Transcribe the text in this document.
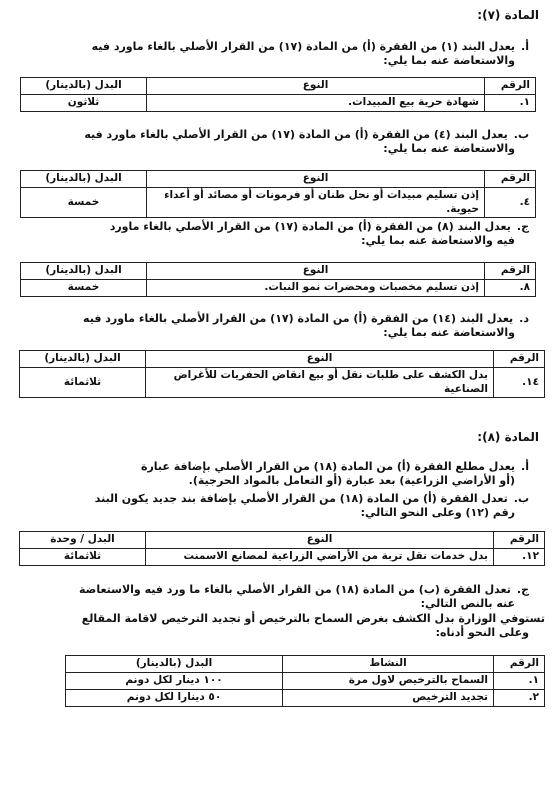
المادة (٧):
أ.يعدل البند (١) من الفقرة (أ) من المادة (١٧) من القرار الأصلي بالغاء ماورد فيه
والاستعاضة عنه بما يلي:
الرقم	النوع	البدل (بالدينار)
١.	شهادة حرية بيع المبيدات.	ثلاثون
ب.يعدل البند (٤) من الفقرة (أ) من المادة (١٧) من القرار الأصلي بالغاء ماورد فيه
والاستعاضة عنه بما يلي:
الرقم	النوع	البدل (بالدينار)
٤.	إذن تسليم مبيدات أو نحل طنان أو فرمونات أو مصائد أو أعداء حيوية.	خمسة
ج.يعدل البند (٨) من الفقرة (أ) من المادة (١٧) من القرار الأصلي بالغاء ماورد
فيه والاستعاضة عنه بما يلي:
الرقم	النوع	البدل (بالدينار)
٨.	إذن تسليم مخصبات ومحضرات نمو النبات.	خمسة
د.يعدل البند (١٤) من الفقرة (أ) من المادة (١٧) من القرار الأصلي بالغاء ماورد فيه
والاستعاضة عنه بما يلي:
الرقم	النوع	البدل (بالدينار)
١٤.	بدل الكشف على طلبات نقل أو بيع انقاض الحفريات للأغراض الصناعية	ثلاثمائة
المادة (٨):
أ.يعدل مطلع الفقرة (أ) من المادة (١٨) من القرار الأصلي بإضافة عبارة
(أو الأراضي الزراعية) بعد عبارة (أو التعامل بالمواد الحرجية).
ب.تعدل الفقرة (أ) من المادة (١٨) من القرار الأصلي بإضافة بند جديد يكون البند
رقم (١٢) وعلى النحو التالي:
الرقم	النوع	البدل / وحدة
١٢.	بدل خدمات نقل تربة من الأراضي الزراعية لمصانع الاسمنت	ثلاثمائة
ج.تعدل الفقرة (ب) من المادة (١٨) من القرار الأصلي بالغاء ما ورد فيه والاستعاضة
عنه بالنص التالي:
تستوفي الوزارة بدل الكشف بغرض السماح بالترخيص أو تجديد الترخيص لاقامة المقالع
وعلى النحو أدناه:
الرقم	النشاط	البدل (بالدينار)
١.	السماح بالترخيص لاول مرة	١٠٠ دينار لكل دونم
٢.	تجديد الترخيص	٥٠ دينارا لكل دونم
